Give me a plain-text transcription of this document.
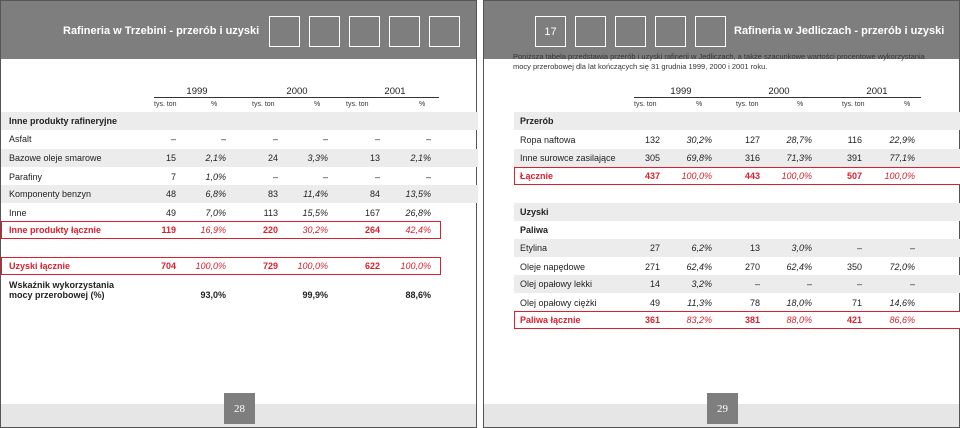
Rafineria w Trzebini - przerób i uzyski
1999	2000	2001
tys. ton	%	tys. ton	%	tys. ton	%
Inne produkty rafineryjne
Asfalt	–	–	–	–	–	–
Bazowe oleje smarowe	15	2,1%	24	3,3%	13	2,1%
Parafiny	7	1,0%	–	–	–	–
Komponenty benzyn	48	6,8%	83	11,4%	84	13,5%
Inne	49	7,0%	113	15,5%	167	26,8%
Inne produkty łącznie	119	16,9%	220	30,2%	264	42,4%
Uzyski łącznie	704	100,0%	729	100,0%	622	100,0%
Wskaźnik wykorzystania
mocy przerobowej (%)	93,0%	99,9%	88,6%
28
17	Rafineria w Jedliczach - przerób i uzyski
Poniższa tabela przedstawia przerób i uzyski rafinerii w Jedliczach, a także szacunkowe wartości procentowe wykorzystania mocy przerobowej dla lat kończących się 31 grudnia 1999, 2000 i 2001 roku.
1999	2000	2001
tys. ton	%	tys. ton	%	tys. ton	%
Przerób
Ropa naftowa	132	30,2%	127	28,7%	116	22,9%
Inne surowce zasilające	305	69,8%	316	71,3%	391	77,1%
Łącznie	437	100,0%	443	100,0%	507	100,0%
Uzyski
Paliwa
Etylina	27	6,2%	13	3,0%	–	–
Oleje napędowe	271	62,4%	270	62,4%	350	72,0%
Olej opałowy lekki	14	3,2%	–	–	–	–
Olej opałowy ciężki	49	11,3%	78	18,0%	71	14,6%
Paliwa łącznie	361	83,2%	381	88,0%	421	86,6%
29
